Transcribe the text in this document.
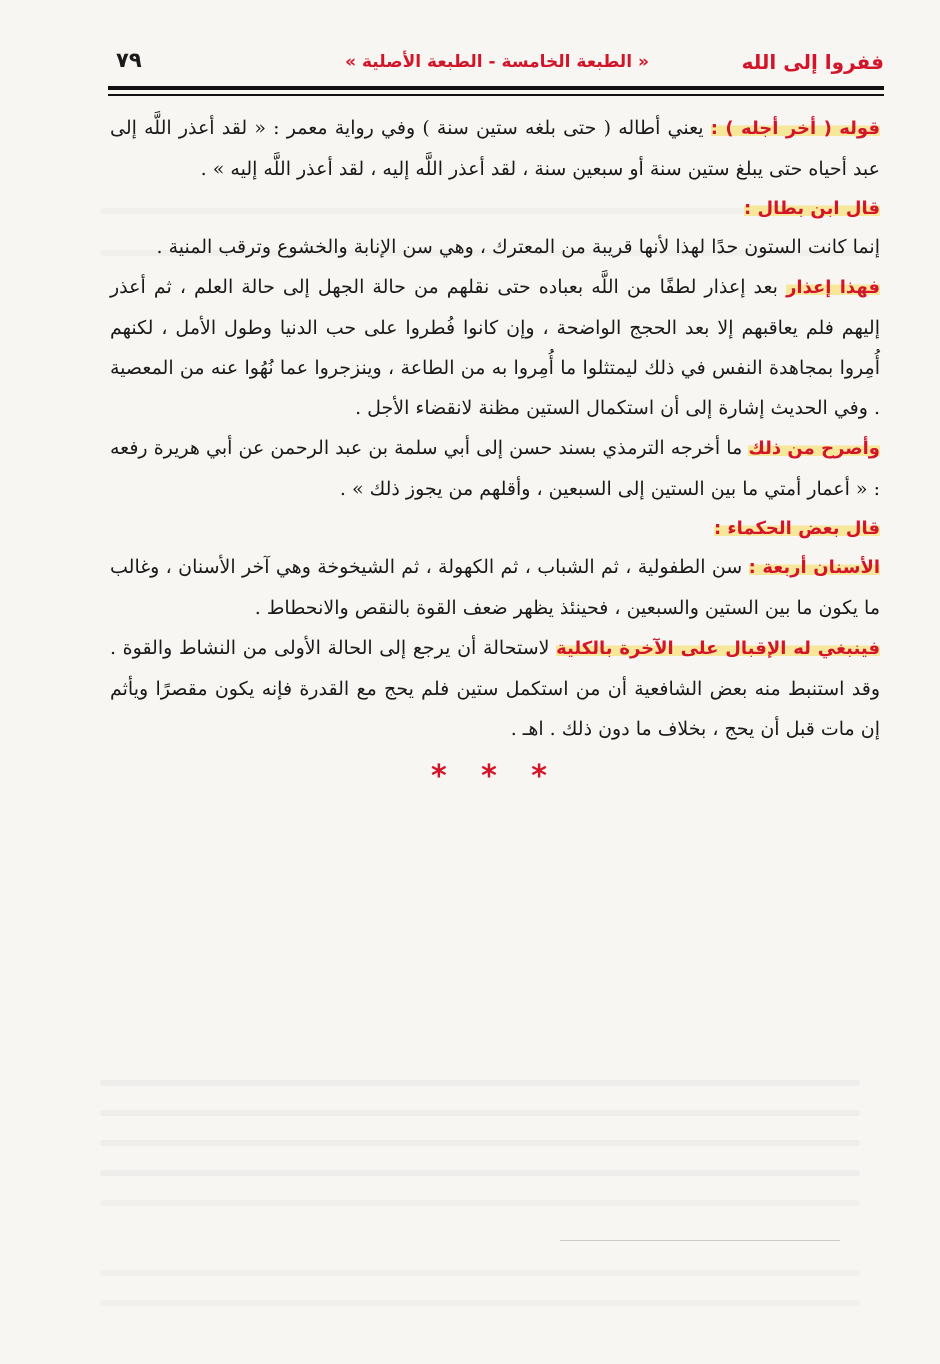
ففروا إلى الله
« الطبعة الخامسة - الطبعة الأصلية »
٧٩

قوله ( أخر أجله ) : يعني أطاله ( حتى بلغه ستين سنة ) وفي رواية معمر : « لقد أعذر اللَّه إلى عبد أحياه حتى يبلغ ستين سنة أو سبعين سنة ، لقد أعذر اللَّه إليه ، لقد أعذر اللَّه إليه » .

قال ابن بطال :

إنما كانت الستون حدًا لهذا لأنها قريبة من المعترك ، وهي سن الإنابة والخشوع وترقب المنية .

فهذا إعذار بعد إعذار لطفًا من اللَّه بعباده حتى نقلهم من حالة الجهل إلى حالة العلم ، ثم أعذر إليهم فلم يعاقبهم إلا بعد الحجج الواضحة ، وإن كانوا فُطروا على حب الدنيا وطول الأمل ، لكنهم أُمِروا بمجاهدة النفس في ذلك ليمتثلوا ما أُمِروا به من الطاعة ، وينزجروا عما نُهُوا عنه من المعصية . وفي الحديث إشارة إلى أن استكمال الستين مظنة لانقضاء الأجل .

وأصرح من ذلك ما أخرجه الترمذي بسند حسن إلى أبي سلمة بن عبد الرحمن عن أبي هريرة رفعه : « أعمار أمتي ما بين الستين إلى السبعين ، وأقلهم من يجوز ذلك » .

قال بعض الحكماء :

الأسنان أربعة : سن الطفولية ، ثم الشباب ، ثم الكهولة ، ثم الشيخوخة وهي آخر الأسنان ، وغالب ما يكون ما بين الستين والسبعين ، فحينئذ يظهر ضعف القوة بالنقص والانحطاط .

فينبغي له الإقبال على الآخرة بالكلية لاستحالة أن يرجع إلى الحالة الأولى من النشاط والقوة . وقد استنبط منه بعض الشافعية أن من استكمل ستين فلم يحج مع القدرة فإنه يكون مقصرًا ويأثم إن مات قبل أن يحج ، بخلاف ما دون ذلك . اهـ .

* * *
